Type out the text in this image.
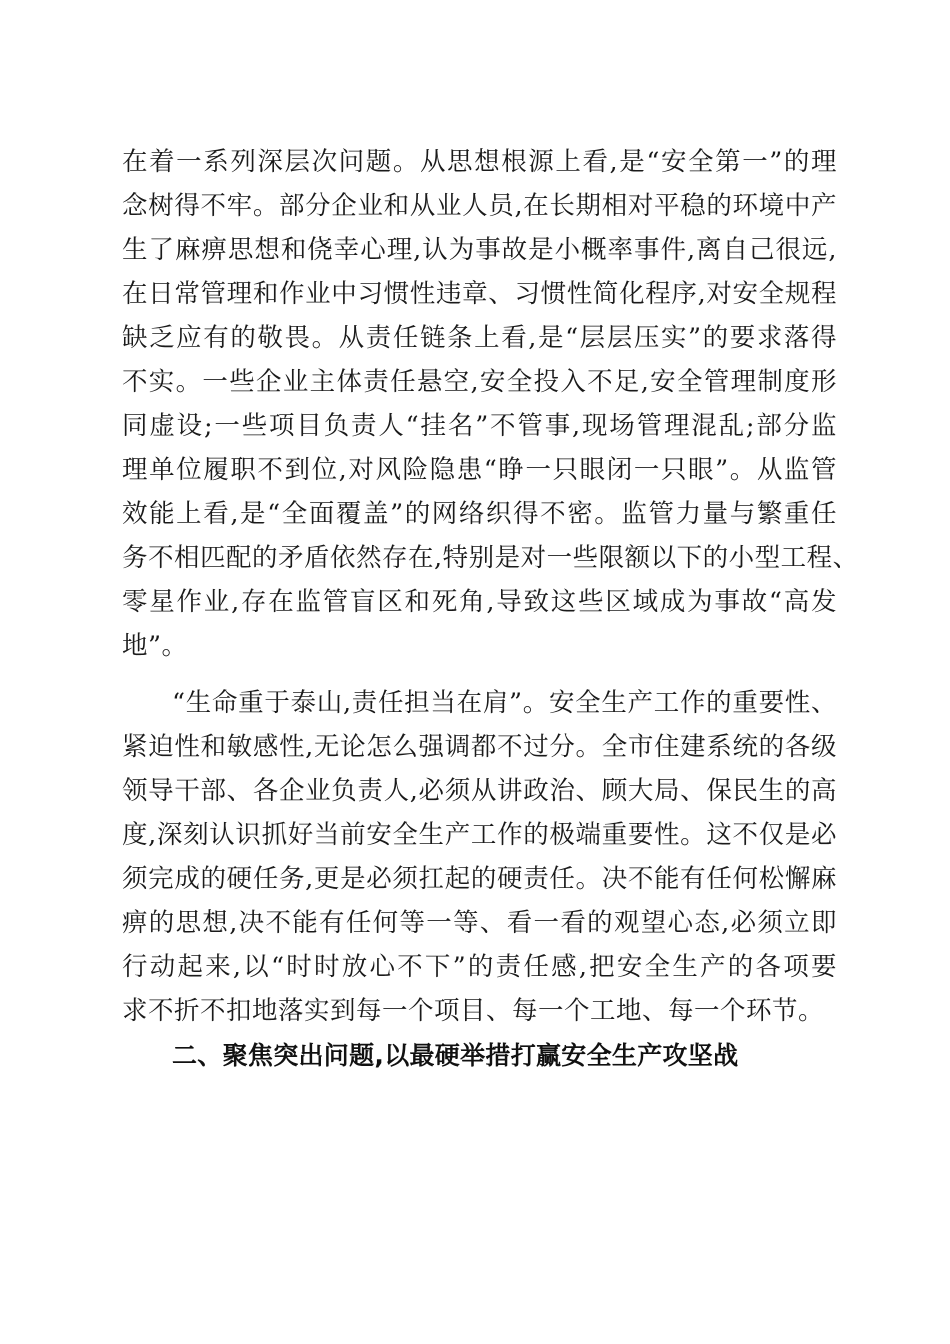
在着一系列深层次问题。从思想根源上看,是“安全第一”的理
念树得不牢。部分企业和从业人员,在长期相对平稳的环境中产
生了麻痹思想和侥幸心理,认为事故是小概率事件,离自己很远,
在日常管理和作业中习惯性违章、习惯性简化程序,对安全规程
缺乏应有的敬畏。从责任链条上看,是“层层压实”的要求落得
不实。一些企业主体责任悬空,安全投入不足,安全管理制度形
同虚设;一些项目负责人“挂名”不管事,现场管理混乱;部分监
理单位履职不到位,对风险隐患“睁一只眼闭一只眼”。从监管
效能上看,是“全面覆盖”的网络织得不密。监管力量与繁重任
务不相匹配的矛盾依然存在,特别是对一些限额以下的小型工程、
零星作业,存在监管盲区和死角,导致这些区域成为事故“高发
地”。
“生命重于泰山,责任担当在肩”。安全生产工作的重要性、
紧迫性和敏感性,无论怎么强调都不过分。全市住建系统的各级
领导干部、各企业负责人,必须从讲政治、顾大局、保民生的高
度,深刻认识抓好当前安全生产工作的极端重要性。这不仅是必
须完成的硬任务,更是必须扛起的硬责任。决不能有任何松懈麻
痹的思想,决不能有任何等一等、看一看的观望心态,必须立即
行动起来,以“时时放心不下”的责任感,把安全生产的各项要
求不折不扣地落实到每一个项目、每一个工地、每一个环节。
二、聚焦突出问题,以最硬举措打赢安全生产攻坚战
